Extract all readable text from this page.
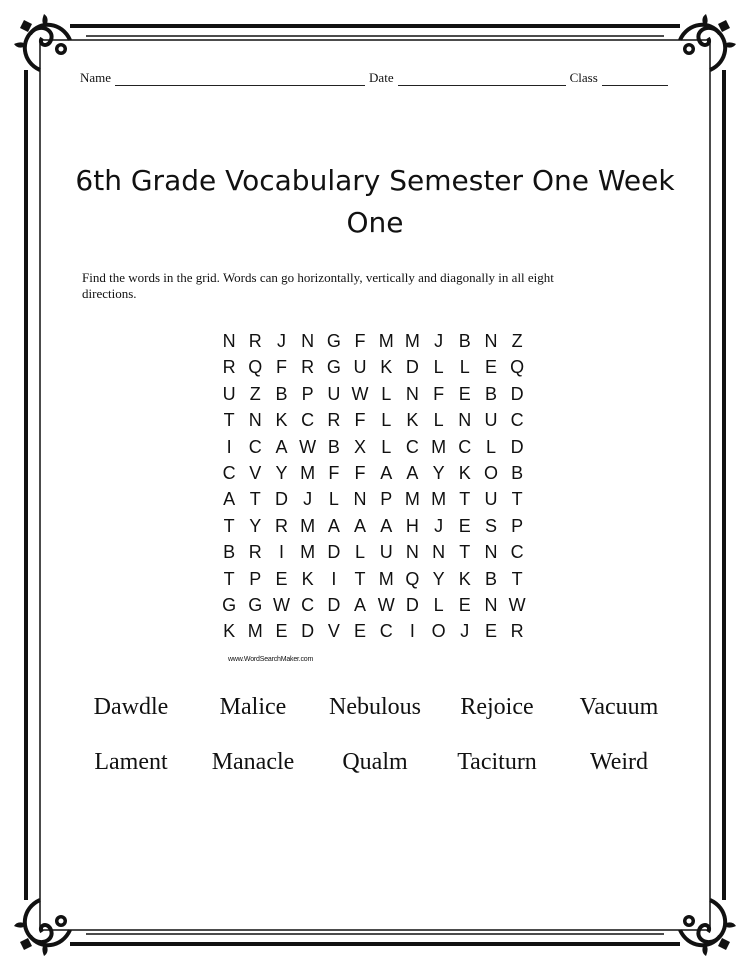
Name	Date	Class
6th Grade Vocabulary Semester One Week One
Find the words in the grid. Words can go horizontally, vertically and diagonally in all eight directions.
N R J N G F M M J B N Z
R Q F R G U K D L L E Q
U Z B P U W L N F E B D
T N K C R F L K L N U C
I C A W B X L C M C L D
C V Y M F F A A Y K O B
A T D J L N P M M T U T
T Y R M A A A H J E S P
B R I M D L U N N T N C
T P E K I	T M Q Y K B T
G G W C D A W D L E N W
K M E D V E C I O J E R
www.WordSearchMaker.com
Dawdle	Malice	Nebulous	Rejoice	Vacuum
Lament	Manacle	Qualm	Taciturn	Weird
